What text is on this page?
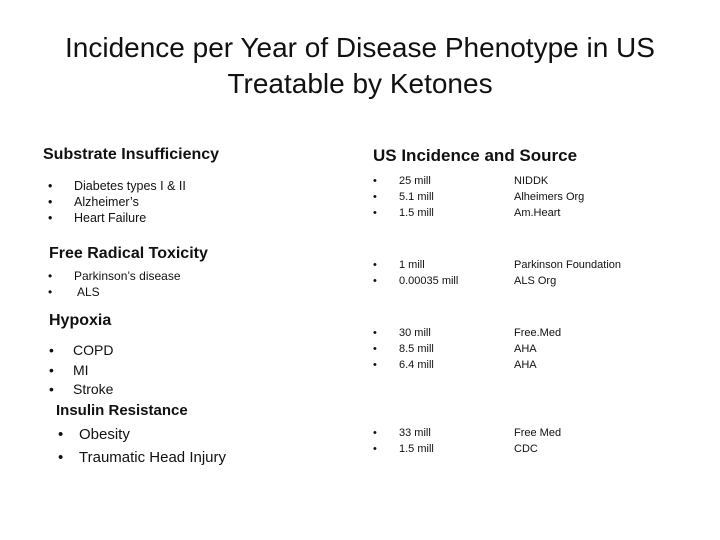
Incidence per Year of Disease Phenotype in US
Treatable by Ketones
Substrate Insufficiency
• Diabetes types I & II
• Alzheimer’s
• Heart Failure
Free Radical Toxicity
• Parkinson’s disease
• ALS
Hypoxia
• COPD
• MI
• Stroke
Insulin Resistance
• Obesity
• Traumatic Head Injury
US Incidence and Source
•	25 mill	NIDDK
•	5.1 mill	Alheimers Org
•	1.5 mill	Am.Heart
•	1 mill	Parkinson Foundation
•	0.00035 mill	ALS Org
•	30 mill	Free.Med
•	8.5 mill	AHA
•	6.4 mill	AHA
•	33 mill	Free Med
•	1.5 mill	CDC
